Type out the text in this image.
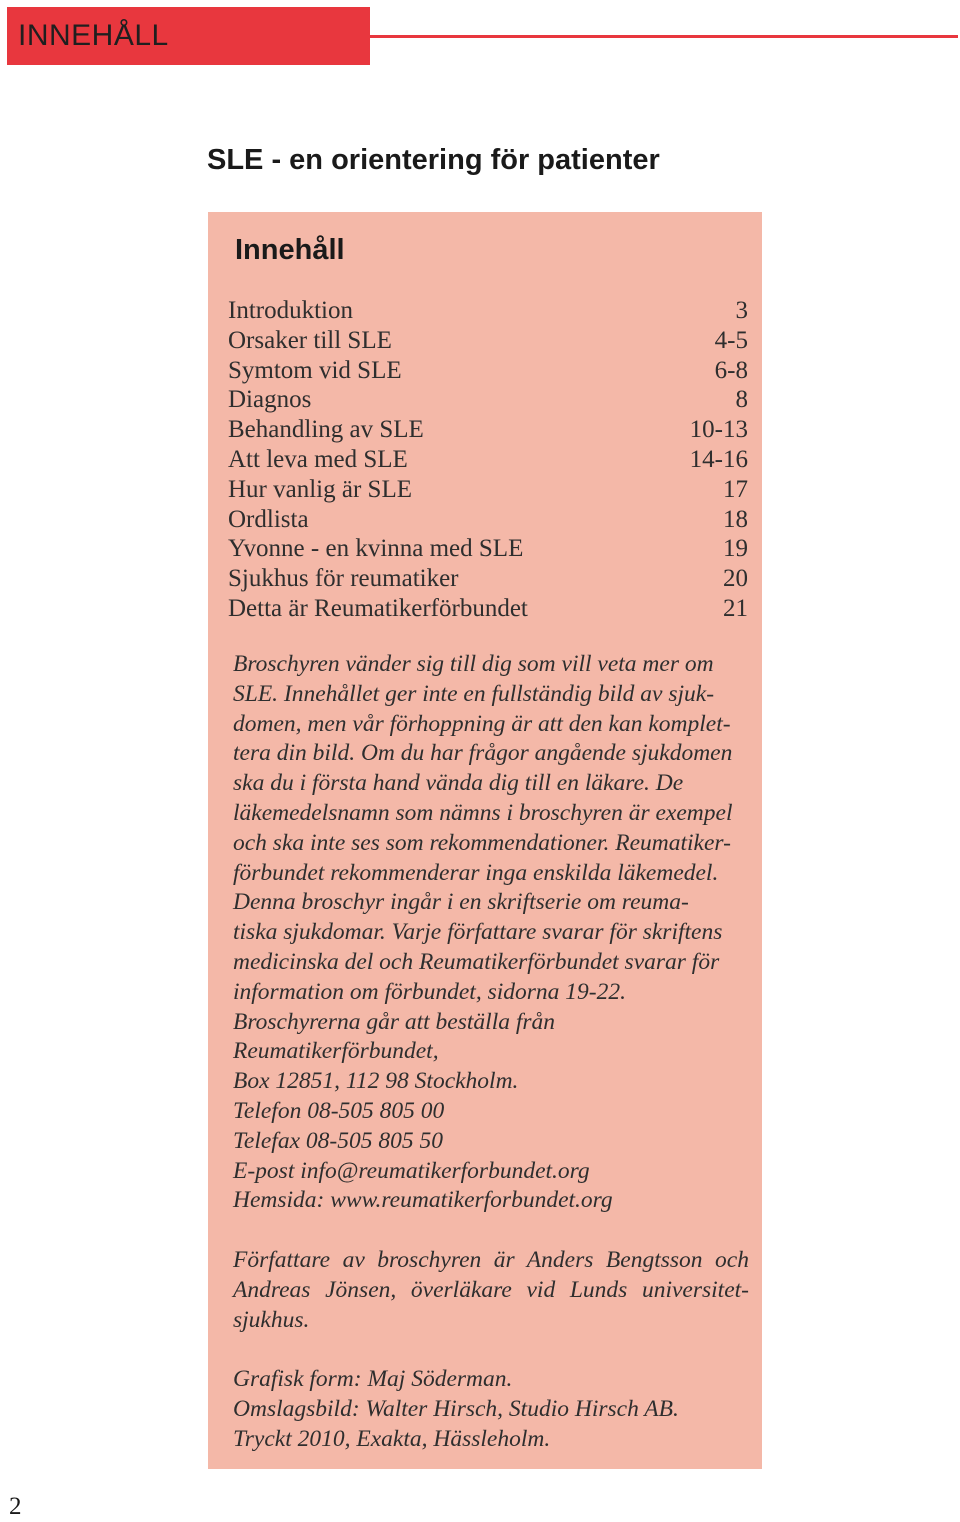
INNEHÅLL
SLE - en orientering för patienter
Innehåll
Introduktion	3
Orsaker till SLE	4-5
Symtom vid SLE	6-8
Diagnos	8
Behandling av SLE	10-13
Att leva med SLE	14-16
Hur vanlig är SLE	17
Ordlista	18
Yvonne - en kvinna med SLE	19
Sjukhus för reumatiker	20
Detta är Reumatikerförbundet	21

Broschyren vänder sig till dig som vill veta mer om
SLE. Innehållet ger inte en fullständig bild av sjuk-
domen, men vår förhoppning är att den kan komplet-
tera din bild. Om du har frågor angående sjukdomen
ska du i första hand vända dig till en läkare. De
läkemedelsnamn som nämns i broschyren är exempel
och ska inte ses som rekommendationer. Reumatiker-
förbundet rekommenderar inga enskilda läkemedel.
Denna broschyr ingår i en skriftserie om reuma-
tiska sjukdomar. Varje författare svarar för skriftens
medicinska del och Reumatikerförbundet svarar för
information om förbundet, sidorna 19-22.
Broschyrerna går att beställa från
Reumatikerförbundet,
Box 12851, 112 98 Stockholm.
Telefon 08-505 805 00
Telefax 08-505 805 50
E-post info@reumatikerforbundet.org
Hemsida: www.reumatikerforbundet.org

Författare av broschyren är Anders Bengtsson och
Andreas Jönsen, överläkare vid Lunds universitet-
sjukhus.

Grafisk form: Maj Söderman.
Omslagsbild: Walter Hirsch, Studio Hirsch AB.
Tryckt 2010, Exakta, Hässleholm.

2
